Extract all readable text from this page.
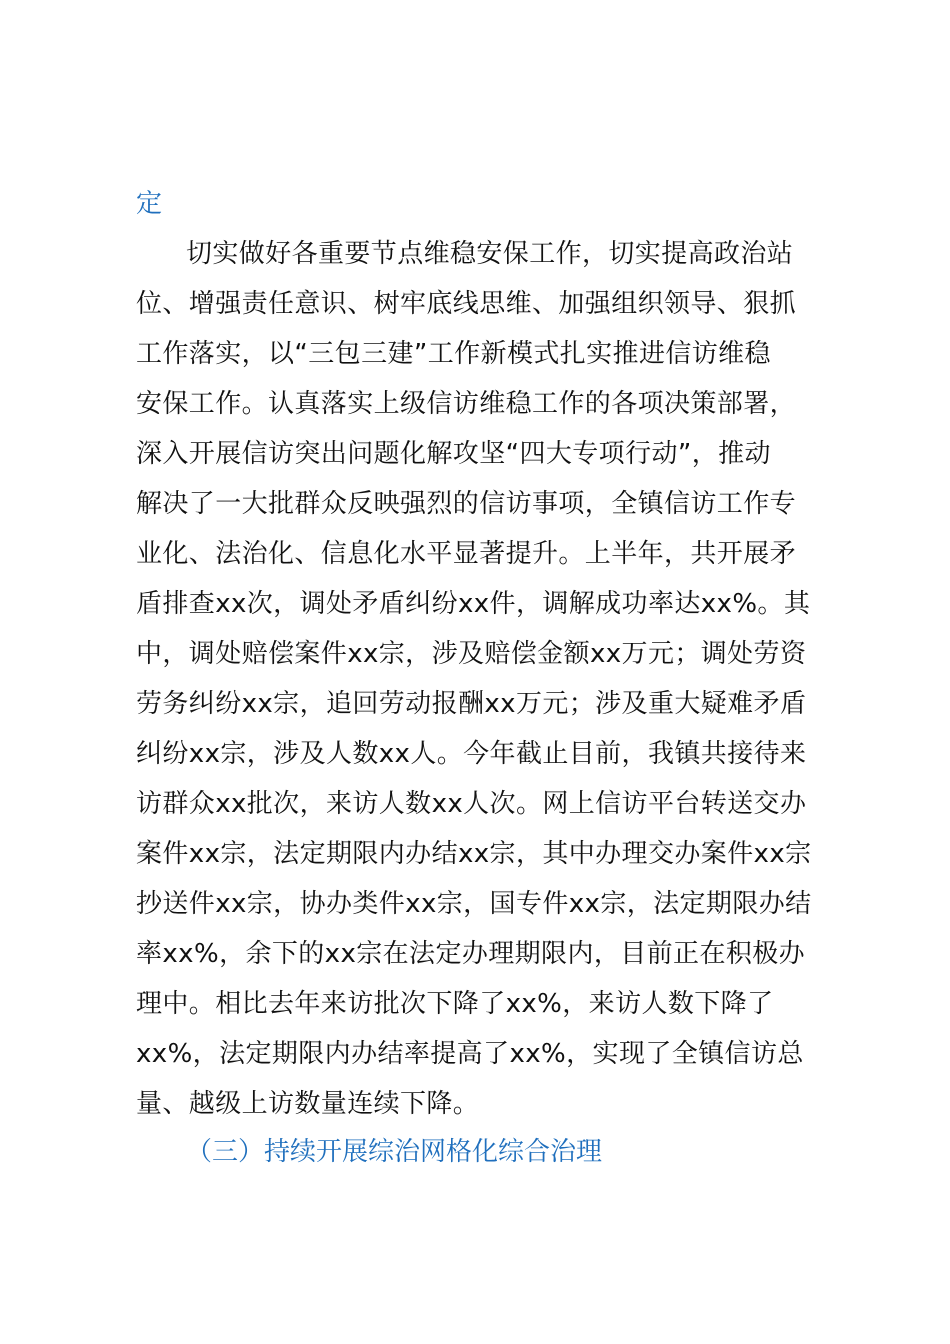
定
切实做好各重要节点维稳安保工作，切实提高政治站
位、增强责任意识、树牢底线思维、加强组织领导、狠抓
工作落实，以“三包三建”工作新模式扎实推进信访维稳
安保工作。认真落实上级信访维稳工作的各项决策部署，
深入开展信访突出问题化解攻坚“四大专项行动”，推动
解决了一大批群众反映强烈的信访事项，全镇信访工作专
业化、法治化、信息化水平显著提升。上半年，共开展矛
盾排查xx次，调处矛盾纠纷xx件，调解成功率达xx%。其
中，调处赔偿案件xx宗，涉及赔偿金额xx万元；调处劳资
劳务纠纷xx宗，追回劳动报酬xx万元；涉及重大疑难矛盾
纠纷xx宗，涉及人数xx人。今年截止目前，我镇共接待来
访群众xx批次，来访人数xx人次。网上信访平台转送交办
案件xx宗，法定期限内办结xx宗，其中办理交办案件xx宗
抄送件xx宗，协办类件xx宗，国专件xx宗，法定期限办结
率xx%，余下的xx宗在法定办理期限内，目前正在积极办
理中。相比去年来访批次下降了xx%，来访人数下降了
xx%，法定期限内办结率提高了xx%，实现了全镇信访总
量、越级上访数量连续下降。
（三）持续开展综治网格化综合治理
